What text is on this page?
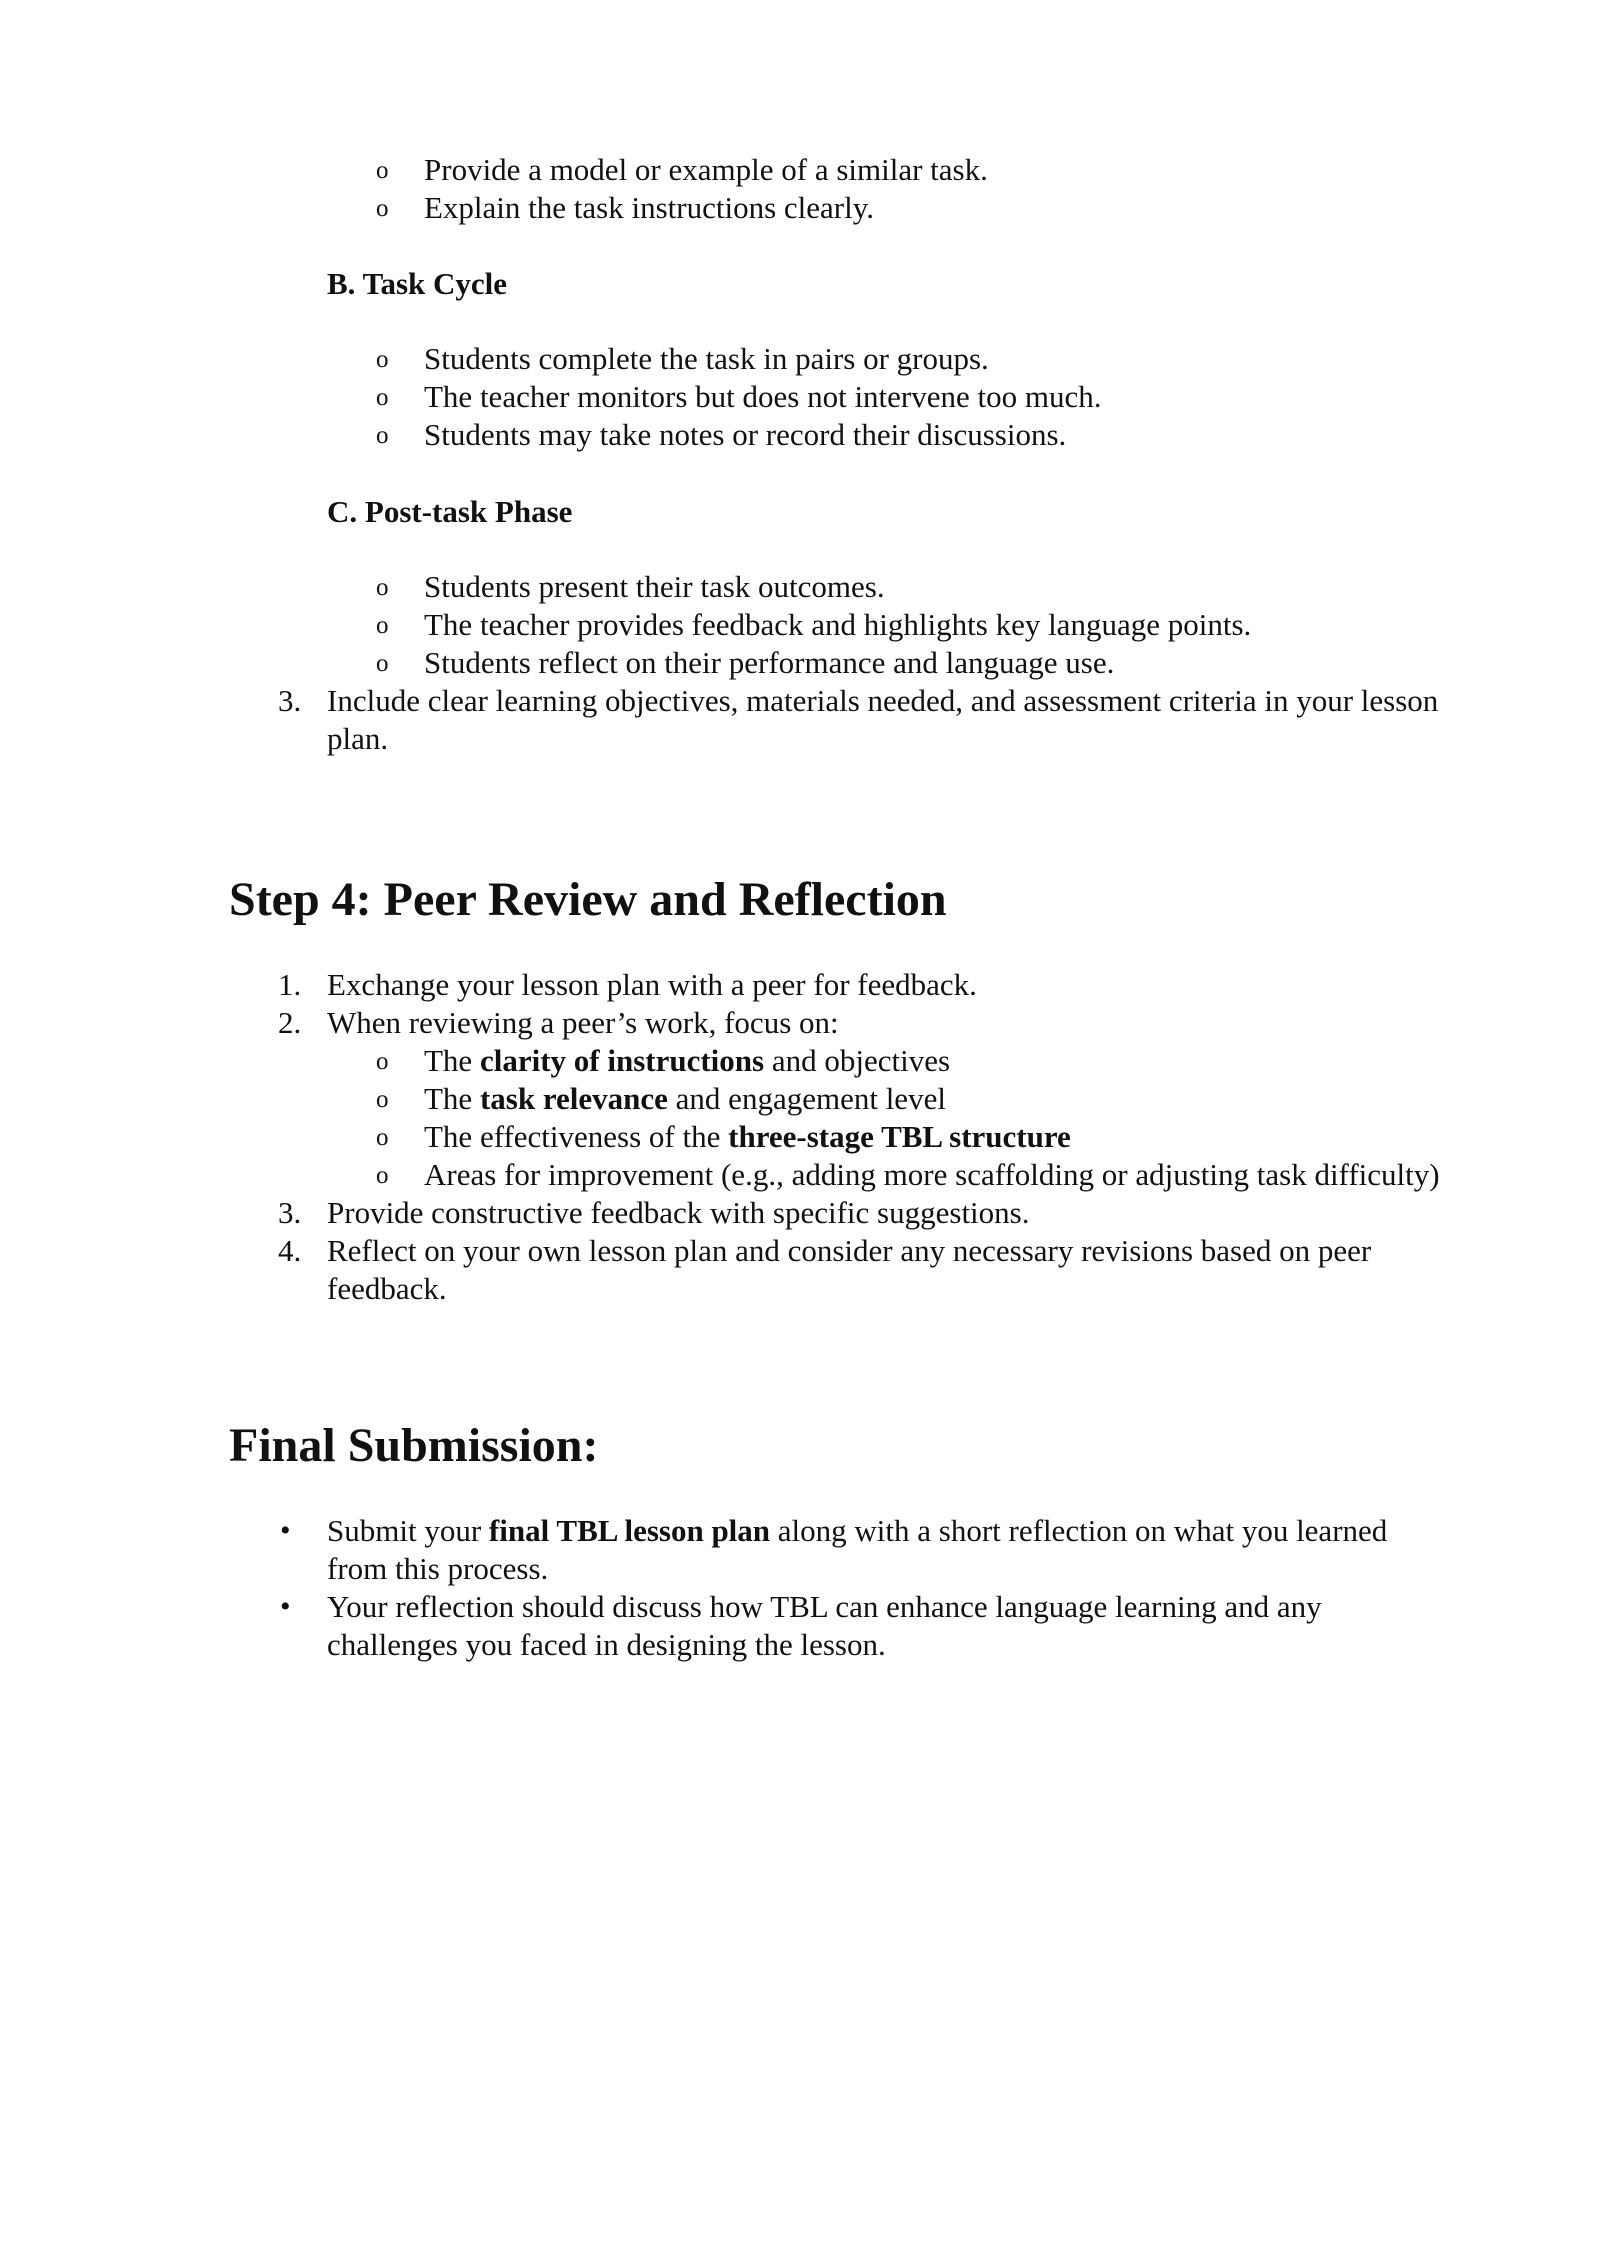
o Provide a model or example of a similar task.
o Explain the task instructions clearly.
B. Task Cycle
o Students complete the task in pairs or groups.
o The teacher monitors but does not intervene too much.
o Students may take notes or record their discussions.
C. Post-task Phase
o Students present their task outcomes.
o The teacher provides feedback and highlights key language points.
o Students reflect on their performance and language use.
3. Include clear learning objectives, materials needed, and assessment criteria in your lesson
plan.
Step 4: Peer Review and Reflection
1. Exchange your lesson plan with a peer for feedback.
2. When reviewing a peer’s work, focus on:
o The clarity of instructions and objectives
o The task relevance and engagement level
o The effectiveness of the three-stage TBL structure
o Areas for improvement (e.g., adding more scaffolding or adjusting task difficulty)
3. Provide constructive feedback with specific suggestions.
4. Reflect on your own lesson plan and consider any necessary revisions based on peer
feedback.
Final Submission:
• Submit your final TBL lesson plan along with a short reflection on what you learned
from this process.
• Your reflection should discuss how TBL can enhance language learning and any
challenges you faced in designing the lesson.
